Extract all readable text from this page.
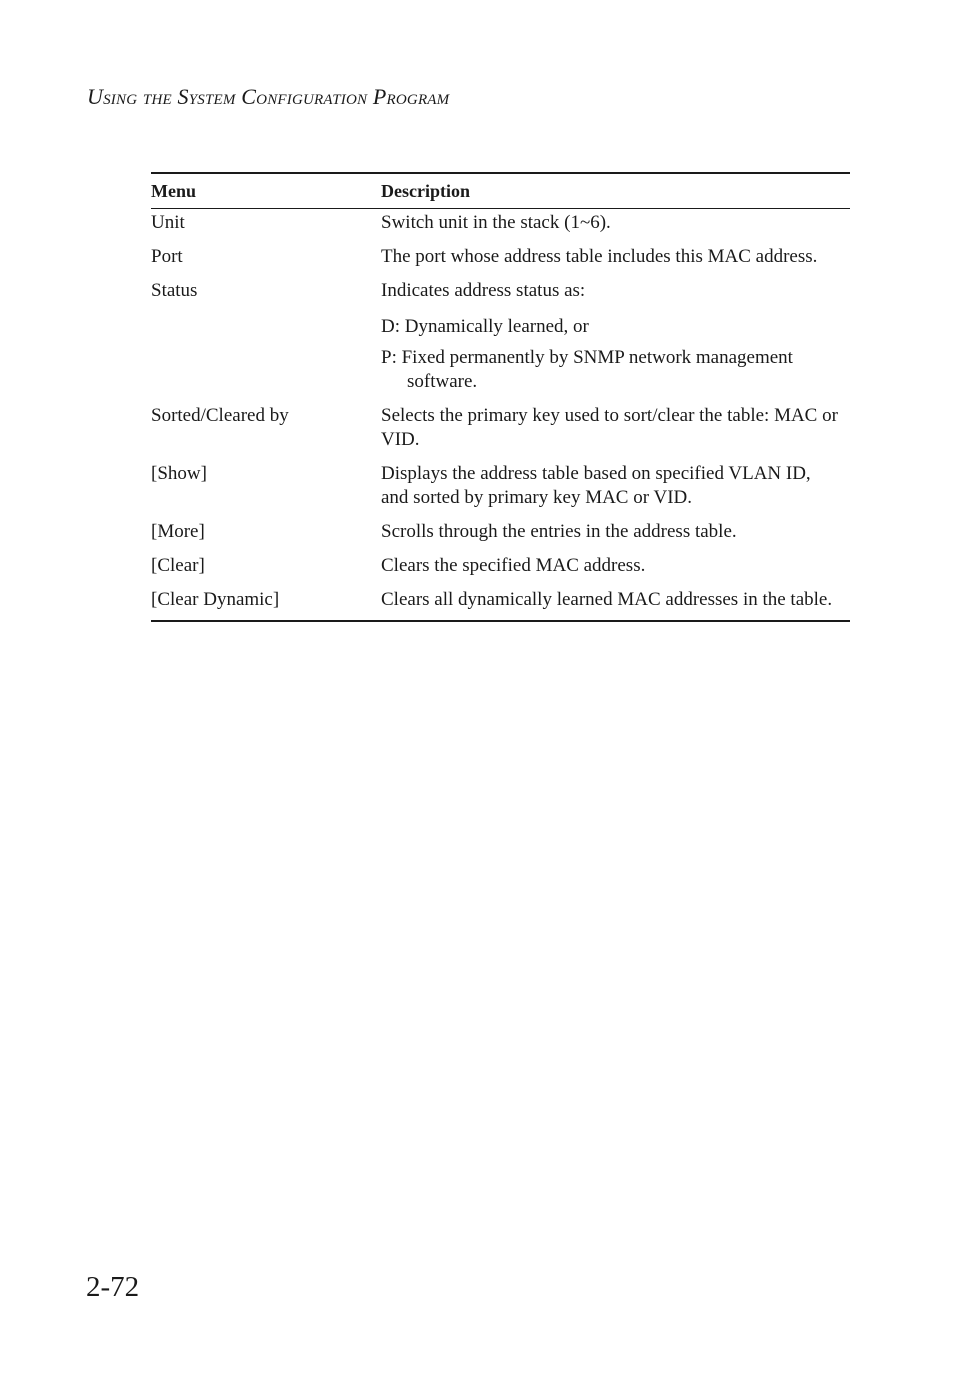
Using the System Configuration Program
Menu	Description
Unit	Switch unit in the stack (1~6).
Port	The port whose address table includes this MAC address.
Status	Indicates address status as:
D: Dynamically learned, or
P: Fixed permanently by SNMP network management software.
Sorted/Cleared by	Selects the primary key used to sort/clear the table: MAC or VID.
[Show]	Displays the address table based on specified VLAN ID, and sorted by primary key MAC or VID.
[More]	Scrolls through the entries in the address table.
[Clear]	Clears the specified MAC address.
[Clear Dynamic]	Clears all dynamically learned MAC addresses in the table.
2-72
